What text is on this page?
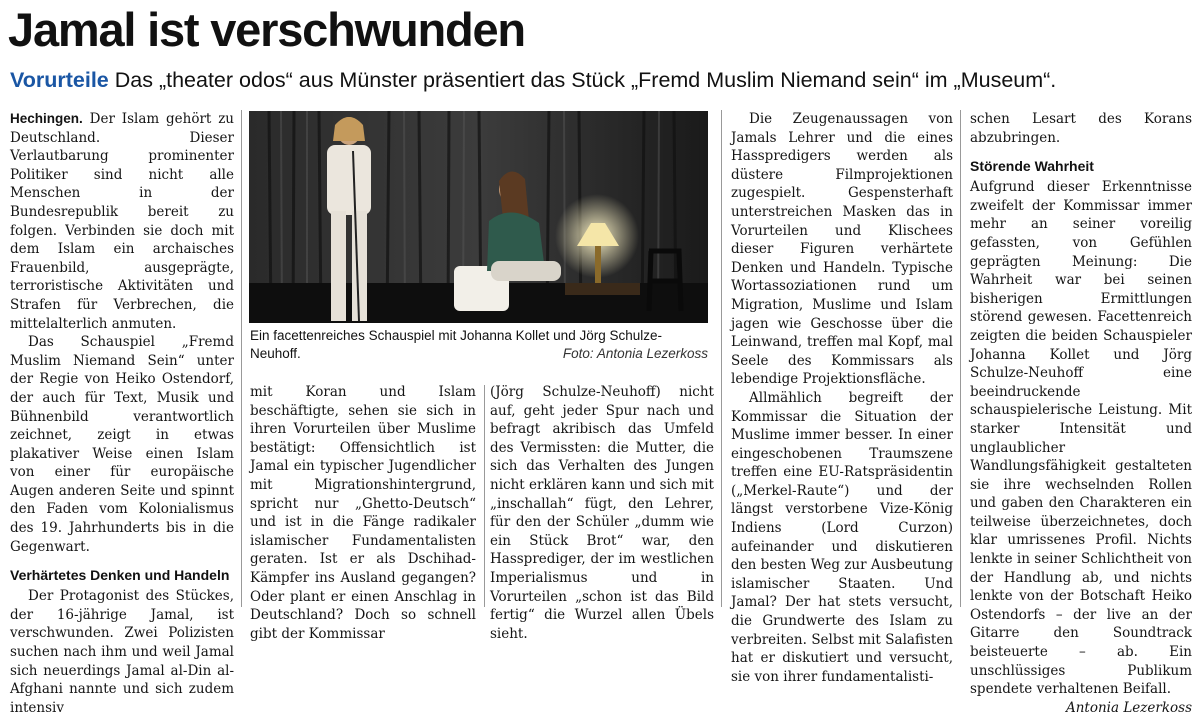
Jamal ist verschwunden

Vorurteile Das „theater odos“ aus Münster präsentiert das Stück „Fremd Muslim Niemand sein“ im „Museum“.

Hechingen. Der Islam gehört zu Deutschland. Dieser Verlautbarung prominenter Politiker sind nicht alle Menschen in der Bundesrepublik bereit zu folgen. Verbinden sie doch mit dem Islam ein archaisches Frauenbild, ausgeprägte, terroristische Aktivitäten und Strafen für Verbrechen, die mittelalterlich anmuten.

Das Schauspiel „Fremd Muslim Niemand Sein“ unter der Regie von Heiko Ostendorf, der auch für Text, Musik und Bühnenbild verantwortlich zeichnet, zeigt in etwas plakativer Weise einen Islam von einer für europäische Augen anderen Seite und spinnt den Faden vom Kolonialismus des 19. Jahrhunderts bis in die Gegenwart.

Verhärtetes Denken und Handeln

Der Protagonist des Stückes, der 16-jährige Jamal, ist verschwunden. Zwei Polizisten suchen nach ihm und weil Jamal sich neuerdings Jamal al-Din al-Afghani nannte und sich zudem intensiv

Ein facettenreiches Schauspiel mit Johanna Kollet und Jörg Schulze-Neuhoff.	Foto: Antonia Lezerkoss

mit Koran und Islam beschäftigte, sehen sie sich in ihren Vorurteilen über Muslime bestätigt: Offensichtlich ist Jamal ein typischer Jugendlicher mit Migrationshintergrund, spricht nur „Ghetto-Deutsch“ und ist in die Fänge radikaler islamischer Fundamentalisten geraten. Ist er als Dschihad-Kämpfer ins Ausland gegangen? Oder plant er einen Anschlag in Deutschland? Doch so schnell gibt der Kommissar

(Jörg Schulze-Neuhoff) nicht auf, geht jeder Spur nach und befragt akribisch das Umfeld des Vermissten: die Mutter, die sich das Verhalten des Jungen nicht erklären kann und sich mit „inschallah“ fügt, den Lehrer, für den der Schüler „dumm wie ein Stück Brot“ war, den Hassprediger, der im westlichen Imperialismus und in Vorurteilen „schon ist das Bild fertig“ die Wurzel allen Übels sieht.

Die Zeugenaussagen von Jamals Lehrer und die eines Hasspredigers werden als düstere Filmprojektionen zugespielt. Gespensterhaft unterstreichen Masken das in Vorurteilen und Klischees dieser Figuren verhärtete Denken und Handeln. Typische Wortassoziationen rund um Migration, Muslime und Islam jagen wie Geschosse über die Leinwand, treffen mal Kopf, mal Seele des Kommissars als lebendige Projektionsfläche.

Allmählich begreift der Kommissar die Situation der Muslime immer besser. In einer eingeschobenen Traumszene treffen eine EU-Ratspräsidentin („Merkel-Raute“) und der längst verstorbene Vize-König Indiens (Lord Curzon) aufeinander und diskutieren den besten Weg zur Ausbeutung islamischer Staaten. Und Jamal? Der hat stets versucht, die Grundwerte des Islam zu verbreiten. Selbst mit Salafisten hat er diskutiert und versucht, sie von ihrer fundamentalisti-

schen Lesart des Korans abzubringen.

Störende Wahrheit

Aufgrund dieser Erkenntnisse zweifelt der Kommissar immer mehr an seiner voreilig gefassten, von Gefühlen geprägten Meinung: Die Wahrheit war bei seinen bisherigen Ermittlungen störend gewesen. Facettenreich zeigten die beiden Schauspieler Johanna Kollet und Jörg Schulze-Neuhoff eine beeindruckende schauspielerische Leistung. Mit starker Intensität und unglaublicher Wandlungsfähigkeit gestalteten sie ihre wechselnden Rollen und gaben den Charakteren ein teilweise überzeichnetes, doch klar umrissenes Profil. Nichts lenkte in seiner Schlichtheit von der Handlung ab, und nichts lenkte von der Botschaft Heiko Ostendorfs – der live an der Gitarre den Soundtrack beisteuerte – ab. Ein unschlüssiges Publikum spendete verhaltenen Beifall.
Antonia Lezerkoss
